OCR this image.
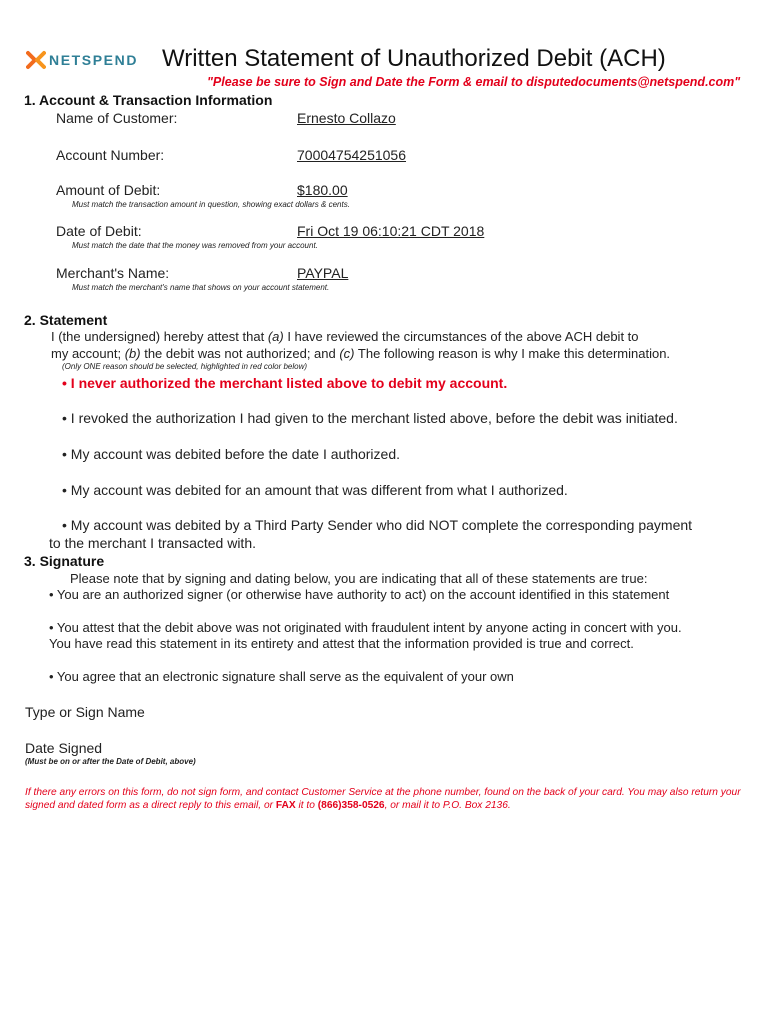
NETSPEND Written Statement of Unauthorized Debit (ACH)
"Please be sure to Sign and Date the Form & email to disputedocuments@netspend.com"
1. Account & Transaction Information
Name of Customer:	Ernesto Collazo
Account Number:	70004754251056
Amount of Debit:	$180.00
Must match the transaction amount in question, showing exact dollars & cents.
Date of Debit:	Fri Oct 19 06:10:21 CDT 2018
Must match the date that the money was removed from your account.
Merchant's Name:	PAYPAL
Must match the merchant's name that shows on your account statement.
2. Statement
I (the undersigned) hereby attest that (a) I have reviewed the circumstances of the above ACH debit to
my account; (b) the debit was not authorized; and (c) The following reason is why I make this determination.
(Only ONE reason should be selected, highlighted in red color below)
• I never authorized the merchant listed above to debit my account.
• I revoked the authorization I had given to the merchant listed above, before the debit was initiated.
• My account was debited before the date I authorized.
• My account was debited for an amount that was different from what I authorized.
• My account was debited by a Third Party Sender who did NOT complete the corresponding payment
to the merchant I transacted with.
3. Signature
Please note that by signing and dating below, you are indicating that all of these statements are true:
• You are an authorized signer (or otherwise have authority to act) on the account identified in this statement
• You attest that the debit above was not originated with fraudulent intent by anyone acting in concert with you.
You have read this statement in its entirety and attest that the information provided is true and correct.
• You agree that an electronic signature shall serve as the equivalent of your own
Type or Sign Name
Date Signed
(Must be on or after the Date of Debit, above)
If there any errors on this form, do not sign form, and contact Customer Service at the phone number, found on the back of your card. You may also return your signed and dated form as a direct reply to this email, or FAX it to (866)358-0526, or mail it to P.O. Box 2136.
